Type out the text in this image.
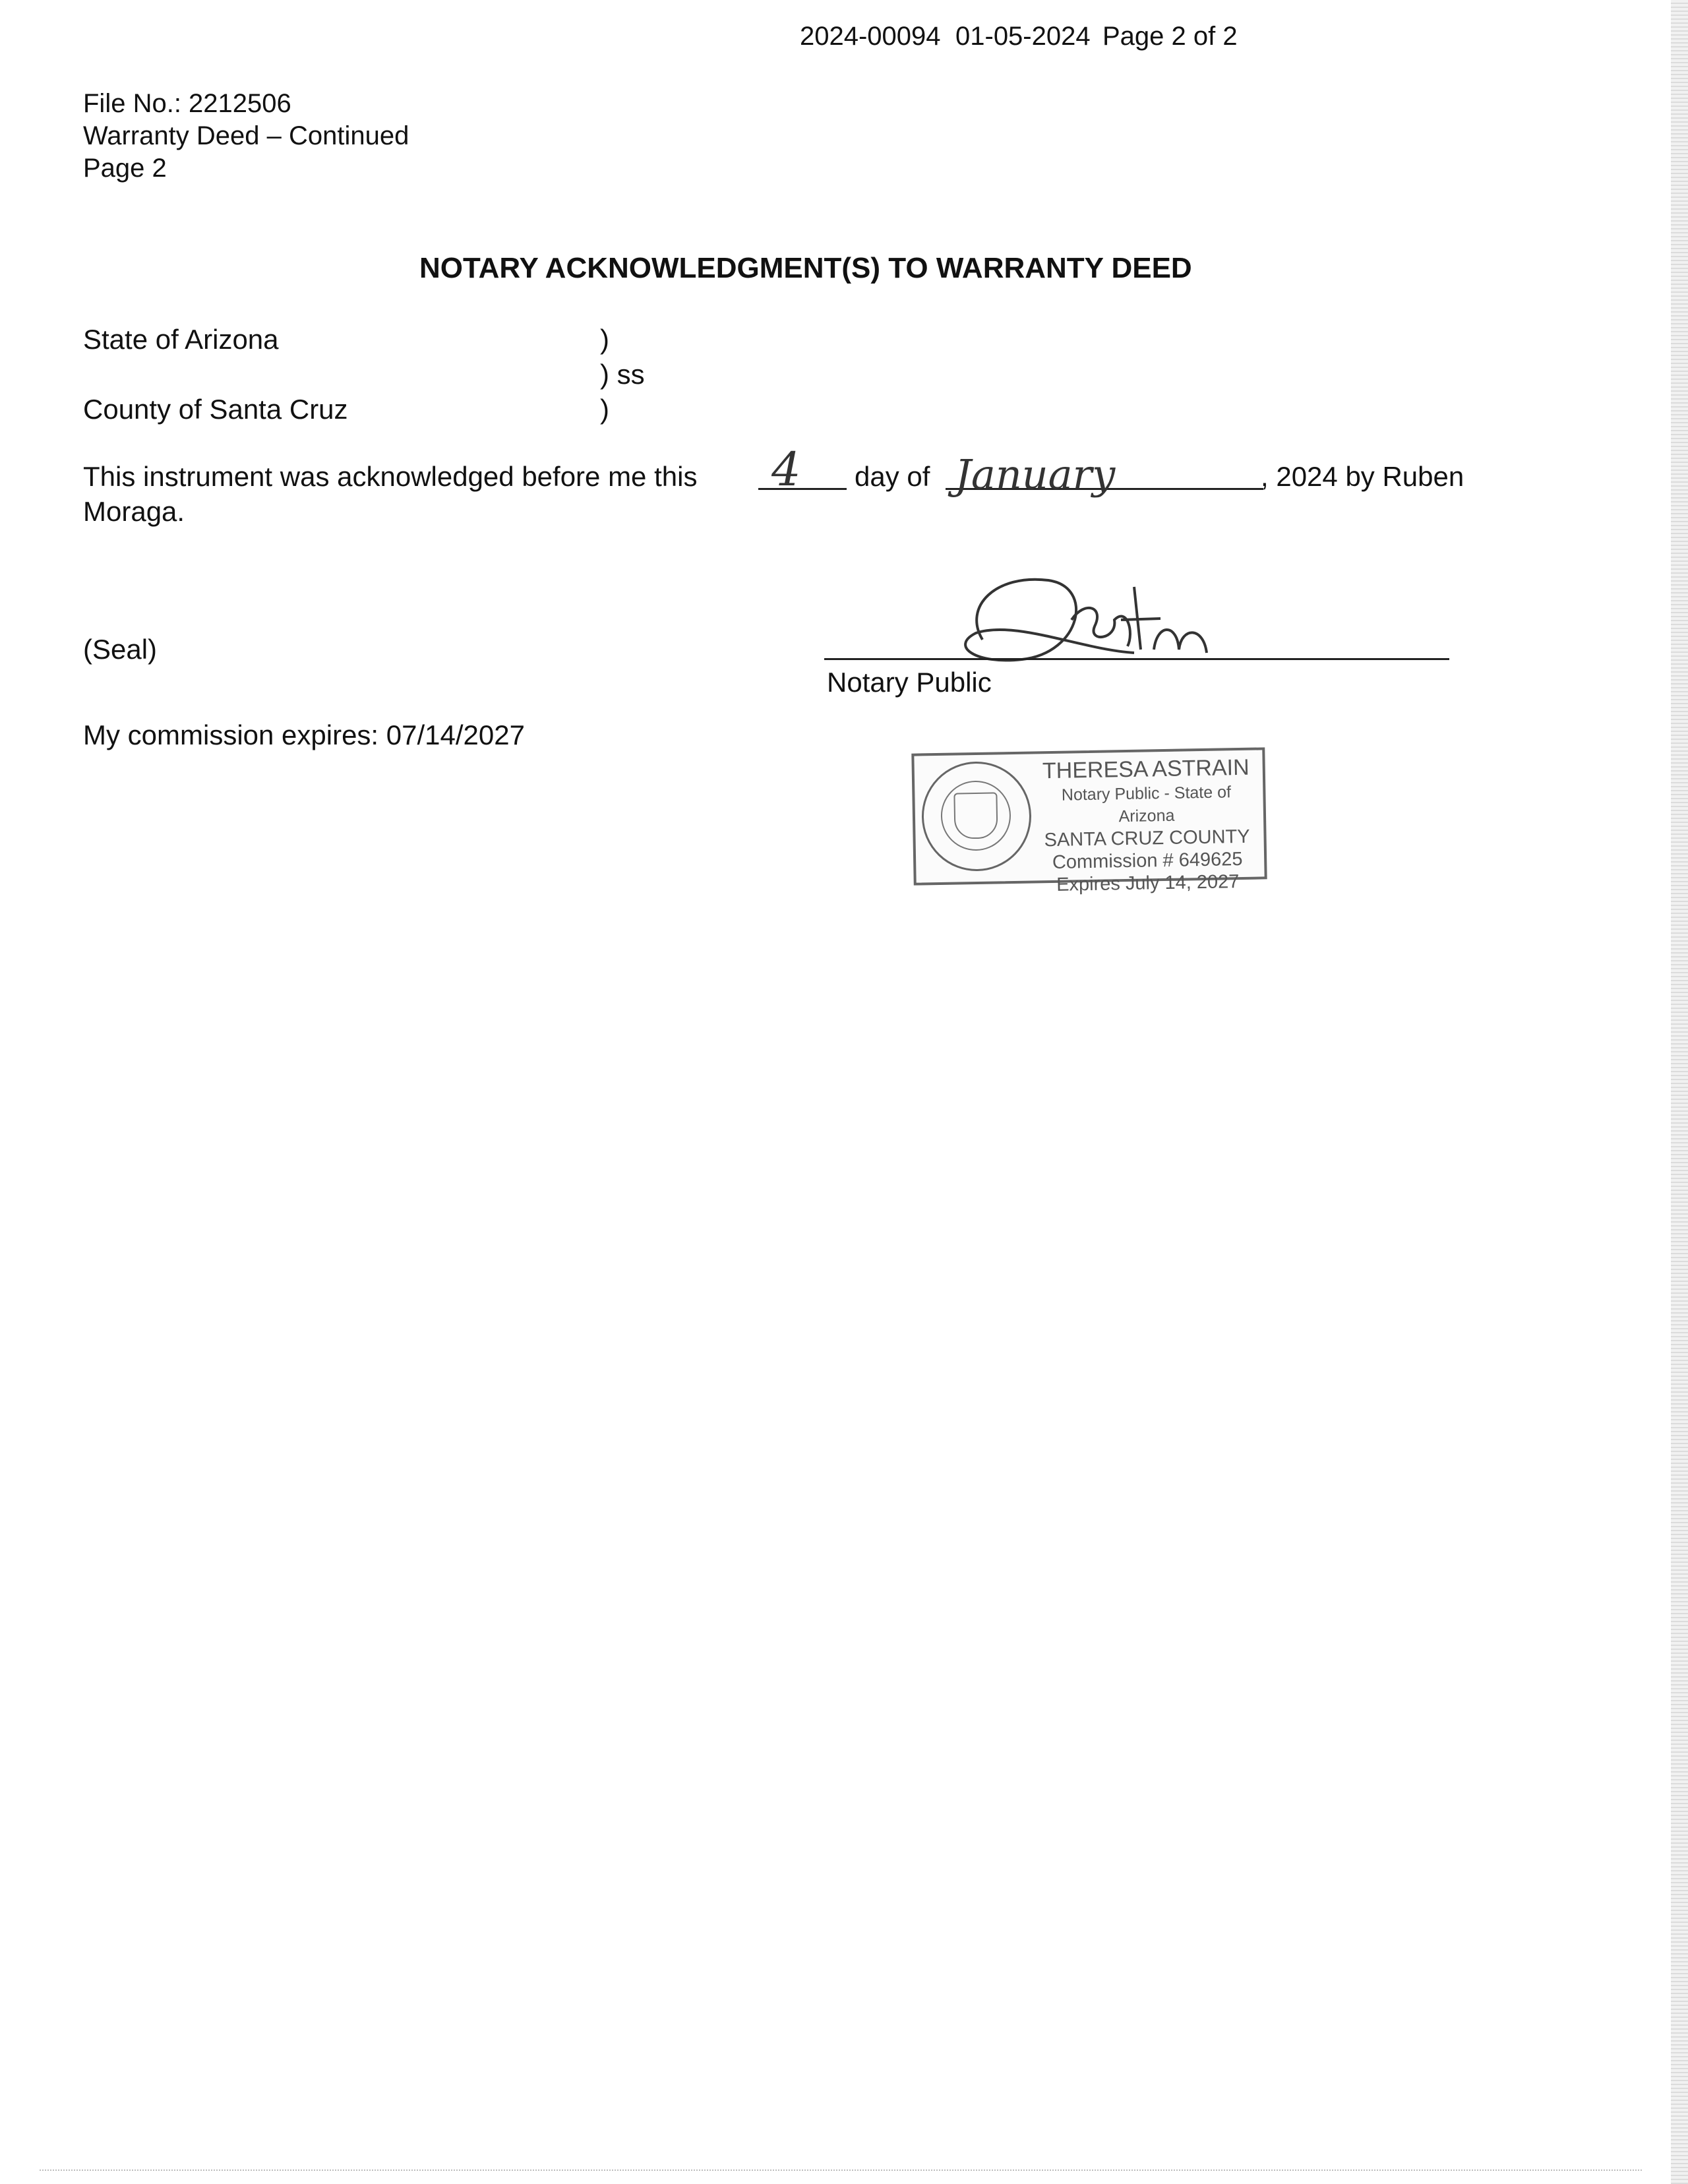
2024-00094 01-05-2024 Page 2 of 2
File No.: 2212506
Warranty Deed – Continued
Page 2
NOTARY ACKNOWLEDGMENT(S) TO WARRANTY DEED
State of Arizona	)
) ss
County of Santa Cruz	)
This instrument was acknowledged before me this 4 day of January	, 2024 by Ruben
Moraga.
(Seal)
Notary Public
My commission expires: 07/14/2027
THERESA ASTRAIN
Notary Public - State of Arizona
SANTA CRUZ COUNTY
Commission # 649625
Expires July 14, 2027
